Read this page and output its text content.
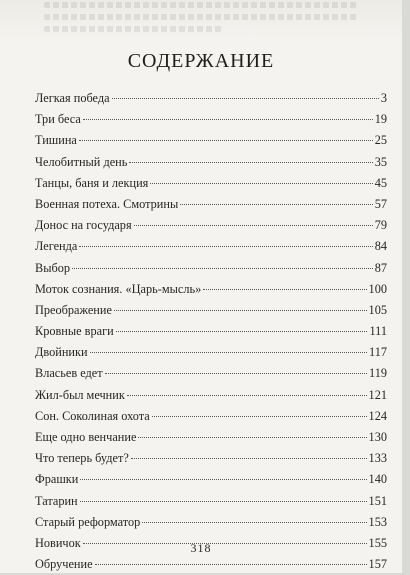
СОДЕРЖАНИЕ
Легкая победа	3
Три беса	19
Тишина	25
Челобитный день	35
Танцы, баня и лекция	45
Военная потеха. Смотрины	57
Донос на государя	79
Легенда	84
Выбор	87
Моток сознания. «Царь-мысль»	100
Преображение	105
Кровные враги	111
Двойники	117
Власьев едет	119
Жил-был мечник	121
Сон. Соколиная охота	124
Еще одно венчание	130
Что теперь будет?	133
Фрашки	140
Татарин	151
Старый реформатор	153
Новичок	155
Обручение	157
318
